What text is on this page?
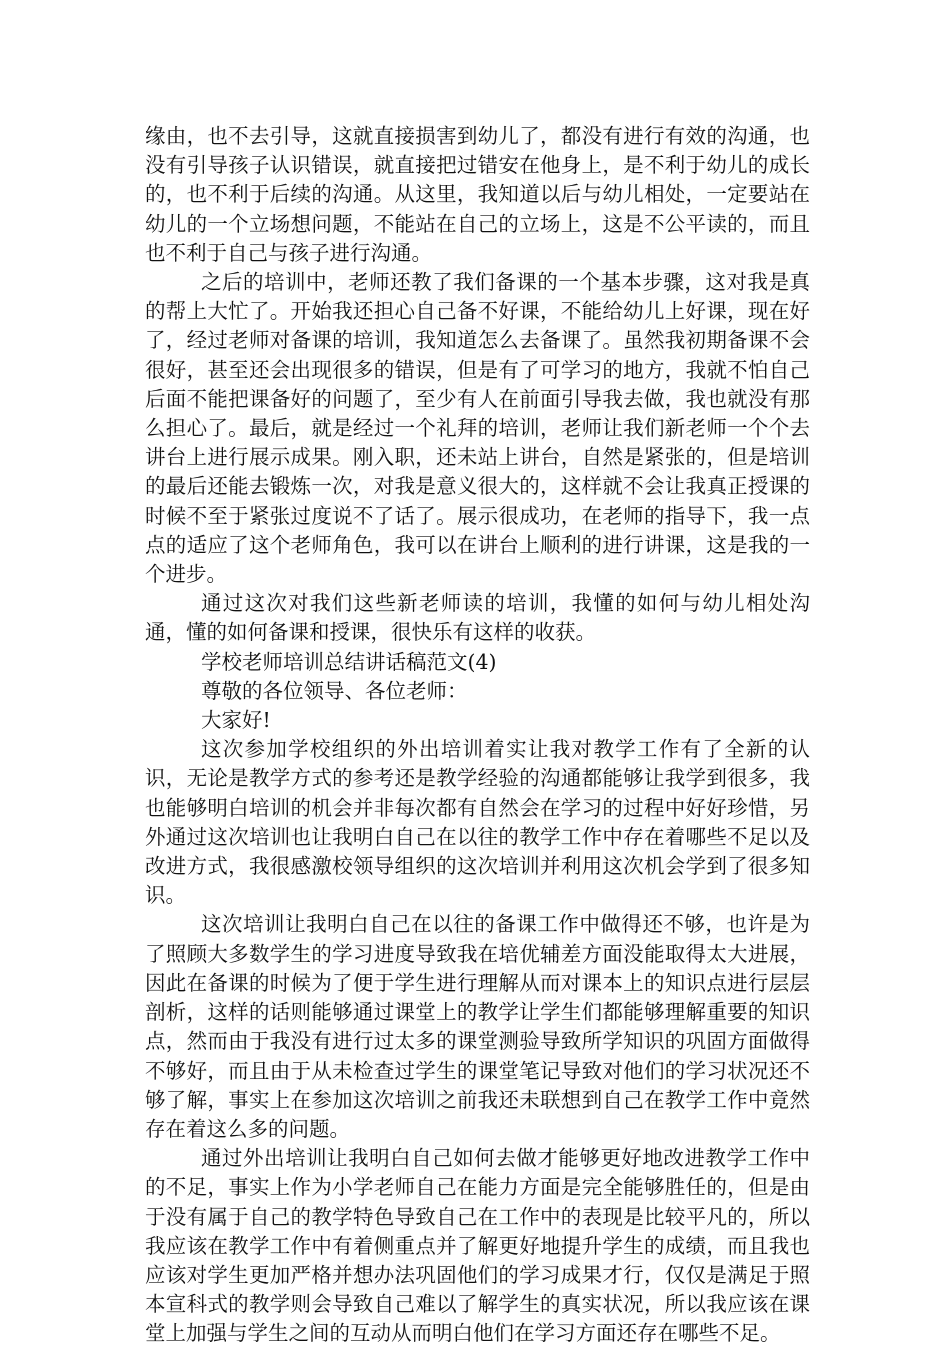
缘由，也不去引导，这就直接损害到幼儿了，都没有进行有效的沟通，也没有引导孩子认识错误，就直接把过错安在他身上，是不利于幼儿的成长的，也不利于后续的沟通。从这里，我知道以后与幼儿相处，一定要站在幼儿的一个立场想问题，不能站在自己的立场上，这是不公平读的，而且也不利于自己与孩子进行沟通。

之后的培训中，老师还教了我们备课的一个基本步骤，这对我是真的帮上大忙了。开始我还担心自己备不好课，不能给幼儿上好课，现在好了，经过老师对备课的培训，我知道怎么去备课了。虽然我初期备课不会很好，甚至还会出现很多的错误，但是有了可学习的地方，我就不怕自己后面不能把课备好的问题了，至少有人在前面引导我去做，我也就没有那么担心了。最后，就是经过一个礼拜的培训，老师让我们新老师一个个去讲台上进行展示成果。刚入职，还未站上讲台，自然是紧张的，但是培训的最后还能去锻炼一次，对我是意义很大的，这样就不会让我真正授课的时候不至于紧张过度说不了话了。展示很成功，在老师的指导下，我一点点的适应了这个老师角色，我可以在讲台上顺利的进行讲课，这是我的一个进步。

通过这次对我们这些新老师读的培训，我懂的如何与幼儿相处沟通，懂的如何备课和授课，很快乐有这样的收获。

学校老师培训总结讲话稿范文(4)

尊敬的各位领导、各位老师：

大家好!

这次参加学校组织的外出培训着实让我对教学工作有了全新的认识，无论是教学方式的参考还是教学经验的沟通都能够让我学到很多，我也能够明白培训的机会并非每次都有自然会在学习的过程中好好珍惜，另外通过这次培训也让我明白自己在以往的教学工作中存在着哪些不足以及改进方式，我很感激校领导组织的这次培训并利用这次机会学到了很多知识。

这次培训让我明白自己在以往的备课工作中做得还不够，也许是为了照顾大多数学生的学习进度导致我在培优辅差方面没能取得太大进展，因此在备课的时候为了便于学生进行理解从而对课本上的知识点进行层层剖析，这样的话则能够通过课堂上的教学让学生们都能够理解重要的知识点，然而由于我没有进行过太多的课堂测验导致所学知识的巩固方面做得不够好，而且由于从未检查过学生的课堂笔记导致对他们的学习状况还不够了解，事实上在参加这次培训之前我还未联想到自己在教学工作中竟然存在着这么多的问题。

通过外出培训让我明白自己如何去做才能够更好地改进教学工作中的不足，事实上作为小学老师自己在能力方面是完全能够胜任的，但是由于没有属于自己的教学特色导致自己在工作中的表现是比较平凡的，所以我应该在教学工作中有着侧重点并了解更好地提升学生的成绩，而且我也应该对学生更加严格并想办法巩固他们的学习成果才行，仅仅是满足于照本宣科式的教学则会导致自己难以了解学生的真实状况，所以我应该在课堂上加强与学生之间的互动从而明白他们在学习方面还存在哪些不足。
